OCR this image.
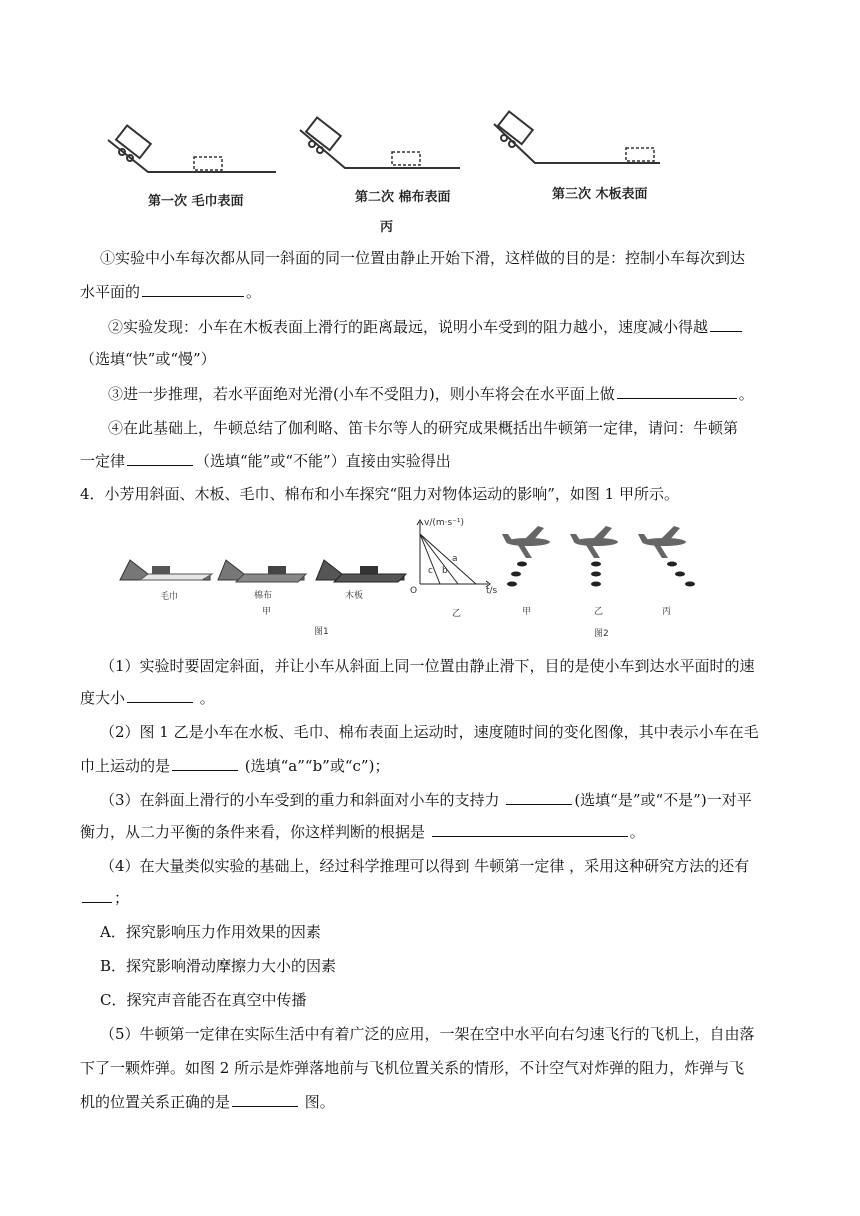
第一次 毛巾表面	第二次 棉布表面	第三次 木板表面
丙
①实验中小车每次都从同一斜面的同一位置由静止开始下滑，这样做的目的是：控制小车每次到达
水平面的	。
②实验发现：小车在木板表面上滑行的距离最远，说明小车受到的阻力越小，速度减小得越
（选填“快”或“慢”）
③进一步推理，若水平面绝对光滑(小车不受阻力)，则小车将会在水平面上做	。
④在此基础上，牛顿总结了伽利略、笛卡尔等人的研究成果概括出牛顿第一定律，请问：牛顿第
一定律	（选填“能”或“不能”）直接由实验得出
4．小芳用斜面、木板、毛巾、棉布和小车探究“阻力对物体运动的影响”，如图 1 甲所示。
毛巾	棉布	木板
甲
图1
v/(m·s⁻¹)
t/s
O
a
b
c
乙	甲	乙	丙
图2
（1）实验时要固定斜面，并让小车从斜面上同一位置由静止滑下，目的是使小车到达水平面时的速
度大小	。
（2）图 1 乙是小车在水板、毛巾、棉布表面上运动时，速度随时间的变化图像，其中表示小车在毛
巾上运动的是	(选填“a”“b”或“c”)；
（3）在斜面上滑行的小车受到的重力和斜面对小车的支持力	(选填“是”或“不是”)一对平
衡力，从二力平衡的条件来看，你这样判断的根据是	。
（4）在大量类似实验的基础上，经过科学推理可以得到 牛顿第一定律 ，采用这种研究方法的还有
；
A．探究影响压力作用效果的因素
B．探究影响滑动摩擦力大小的因素
C．探究声音能否在真空中传播
（5）牛顿第一定律在实际生活中有着广泛的应用，一架在空中水平向右匀速飞行的飞机上，自由落
下了一颗炸弹。如图 2 所示是炸弹落地前与飞机位置关系的情形，不计空气对炸弹的阻力，炸弹与飞
机的位置关系正确的是	图。
